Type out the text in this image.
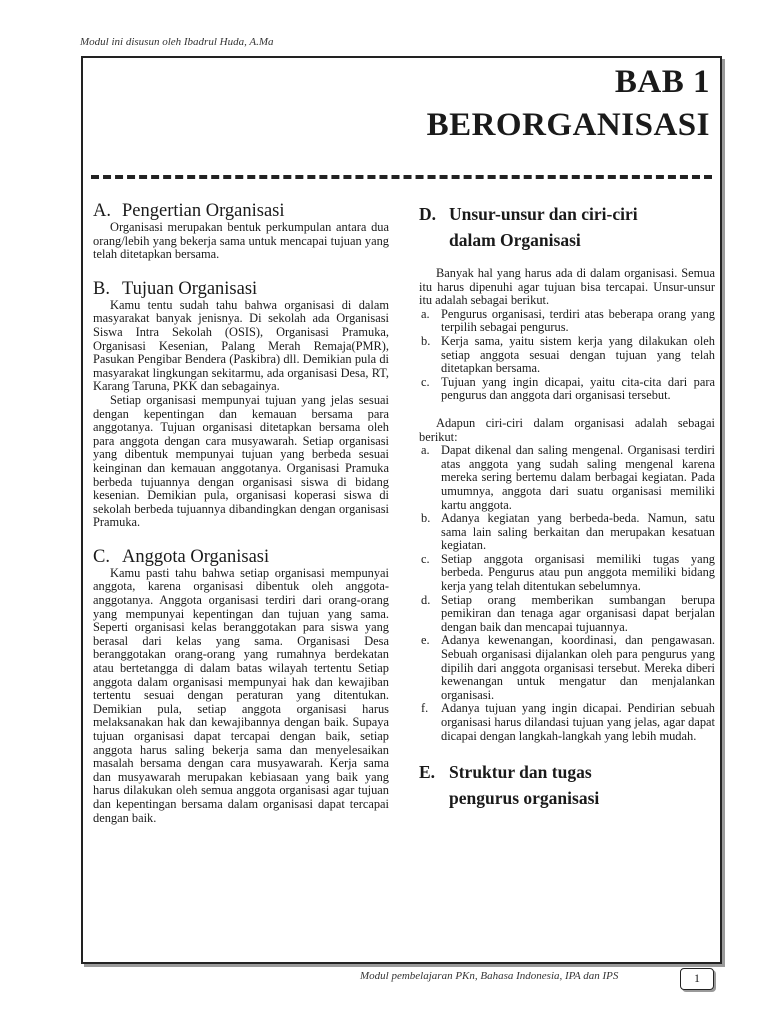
Modul ini disusun oleh Ibadrul Huda, A.Ma
BAB 1
BERORGANISASI
A. Pengertian Organisasi

Organisasi merupakan bentuk perkumpulan antara dua orang/lebih yang bekerja sama untuk mencapai tujuan yang telah ditetapkan bersama.

B. Tujuan Organisasi

Kamu tentu sudah tahu bahwa organisasi di dalam masyarakat banyak jenisnya. Di sekolah ada Organisasi Siswa Intra Sekolah (OSIS), Organisasi Pramuka, Organisasi Kesenian, Palang Merah Remaja(PMR), Pasukan Pengibar Bendera (Paskibra) dll. Demikian pula di masyarakat lingkungan sekitarmu, ada organisasi Desa, RT, Karang Taruna, PKK dan sebagainya.

Setiap organisasi mempunyai tujuan yang jelas sesuai dengan kepentingan dan kemauan bersama para anggotanya. Tujuan organisasi ditetapkan bersama oleh para anggota dengan cara musyawarah. Setiap organisasi yang dibentuk mempunyai tujuan yang berbeda sesuai keinginan dan kemauan anggotanya. Organisasi Pramuka berbeda tujuannya dengan organisasi siswa di bidang kesenian. Demikian pula, organisasi koperasi siswa di sekolah berbeda tujuannya dibandingkan dengan organisasi Pramuka.

C. Anggota Organisasi

Kamu pasti tahu bahwa setiap organisasi mempunyai anggota, karena organisasi dibentuk oleh anggota-anggotanya. Anggota organisasi terdiri dari orang-orang yang mempunyai kepentingan dan tujuan yang sama. Seperti organisasi kelas beranggotakan para siswa yang berasal dari kelas yang sama. Organisasi Desa beranggotakan orang-orang yang rumahnya berdekatan atau bertetangga di dalam batas wilayah tertentu Setiap anggota dalam organisasi mempunyai hak dan kewajiban tertentu sesuai dengan peraturan yang ditentukan. Demikian pula, setiap anggota organisasi harus melaksanakan hak dan kewajibannya dengan baik. Supaya tujuan organisasi dapat tercapai dengan baik, setiap anggota harus saling bekerja sama dan menyelesaikan masalah bersama dengan cara musyawarah. Kerja sama dan musyawarah merupakan kebiasaan yang baik yang harus dilakukan oleh semua anggota organisasi agar tujuan dan kepentingan bersama dalam organisasi dapat tercapai dengan baik.

D. Unsur-unsur dan ciri-ciri
dalam Organisasi

Banyak hal yang harus ada di dalam organisasi. Semua itu harus dipenuhi agar tujuan bisa tercapai. Unsur-unsur itu adalah sebagai berikut.

a. Pengurus organisasi, terdiri atas beberapa orang yang terpilih sebagai pengurus.
b. Kerja sama, yaitu sistem kerja yang dilakukan oleh setiap anggota sesuai dengan tujuan yang telah ditetapkan bersama.
c. Tujuan yang ingin dicapai, yaitu cita-cita dari para pengurus dan anggota dari organisasi tersebut.

Adapun ciri-ciri dalam organisasi adalah sebagai berikut:

a. Dapat dikenal dan saling mengenal. Organisasi terdiri atas anggota yang sudah saling mengenal karena mereka sering bertemu dalam berbagai kegiatan. Pada umumnya, anggota dari suatu organisasi memiliki kartu anggota.
b. Adanya kegiatan yang berbeda-beda. Namun, satu sama lain saling berkaitan dan merupakan kesatuan kegiatan.
c. Setiap anggota organisasi memiliki tugas yang berbeda. Pengurus atau pun anggota memiliki bidang kerja yang telah ditentukan sebelumnya.
d. Setiap orang memberikan sumbangan berupa pemikiran dan tenaga agar organisasi dapat berjalan dengan baik dan mencapai tujuannya.
e. Adanya kewenangan, koordinasi, dan pengawasan. Sebuah organisasi dijalankan oleh para pengurus yang dipilih dari anggota organisasi tersebut. Mereka diberi kewenangan untuk mengatur dan menjalankan organisasi.
f. Adanya tujuan yang ingin dicapai. Pendirian sebuah organisasi harus dilandasi tujuan yang jelas, agar dapat dicapai dengan langkah-langkah yang lebih mudah.
E. Struktur dan tugas
pengurus organisasi
Modul pembelajaran PKn, Bahasa Indonesia, IPA dan IPS	1
